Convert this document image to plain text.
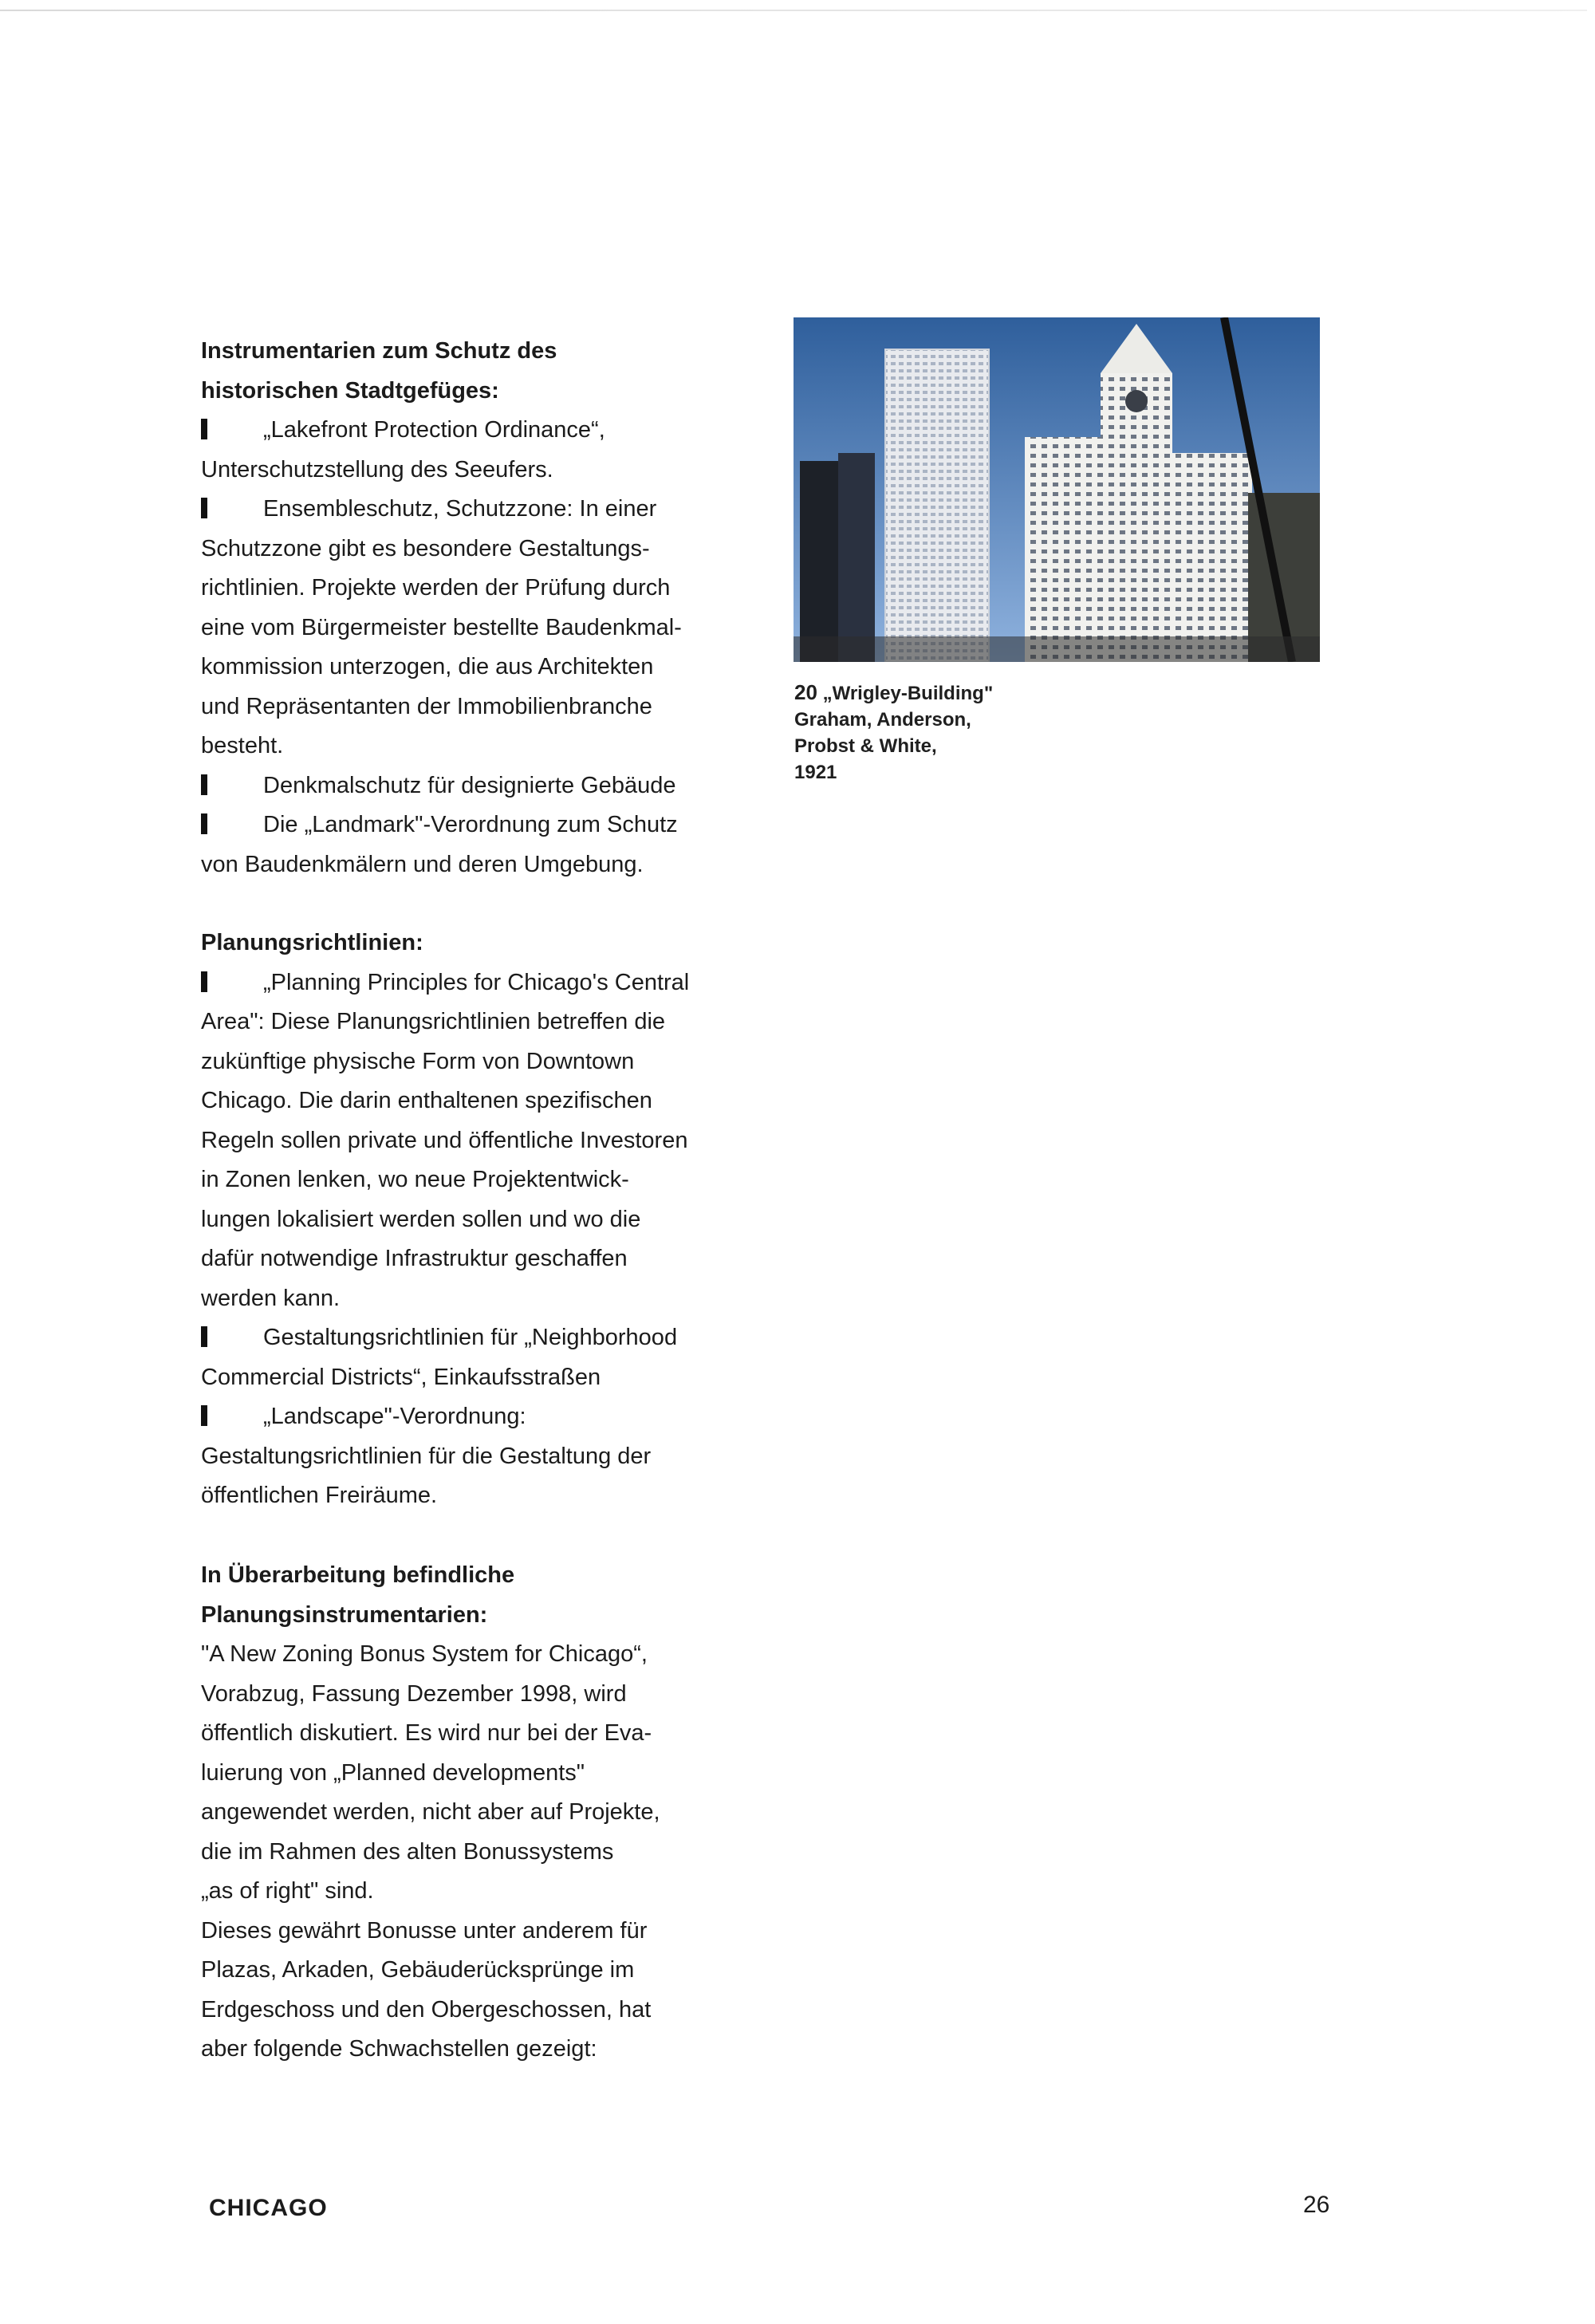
Instrumentarien zum Schutz des
historischen Stadtgefüges:

„Lakefront Protection Ordinance“,
Unterschutzstellung des Seeufers.

Ensembleschutz, Schutzzone: In einer
Schutzzone gibt es besondere Gestaltungs-
richtlinien. Projekte werden der Prüfung durch
eine vom Bürgermeister bestellte Baudenkmal-
kommission unterzogen, die aus Architekten
und Repräsentanten der Immobilienbranche
besteht.

Denkmalschutz für designierte Gebäude

Die „Landmark"-Verordnung zum Schutz
von Baudenkmälern und deren Umgebung.

Planungsrichtlinien:

„Planning Principles for Chicago's Central
Area": Diese Planungsrichtlinien betreffen die
zukünftige physische Form von Downtown
Chicago. Die darin enthaltenen spezifischen
Regeln sollen private und öffentliche Investoren
in Zonen lenken, wo neue Projektentwick-
lungen lokalisiert werden sollen und wo die
dafür notwendige Infrastruktur geschaffen
werden kann.

Gestaltungsrichtlinien für „Neighborhood
Commercial Districts“, Einkaufsstraßen

„Landscape"-Verordnung:
Gestaltungsrichtlinien für die Gestaltung der
öffentlichen Freiräume.

In Überarbeitung befindliche
Planungsinstrumentarien:

"A New Zoning Bonus System for Chicago“,
Vorabzug, Fassung Dezember 1998, wird
öffentlich diskutiert. Es wird nur bei der Eva-
luierung von „Planned developments"
angewendet werden, nicht aber auf Projekte,
die im Rahmen des alten Bonussystems
„as of right" sind.
Dieses gewährt Bonusse unter anderem für
Plazas, Arkaden, Gebäuderücksprünge im
Erdgeschoss und den Obergeschossen, hat
aber folgende Schwachstellen gezeigt:

20 „Wrigley-Building"
Graham, Anderson,
Probst & White,
1921
CHICAGO	26
